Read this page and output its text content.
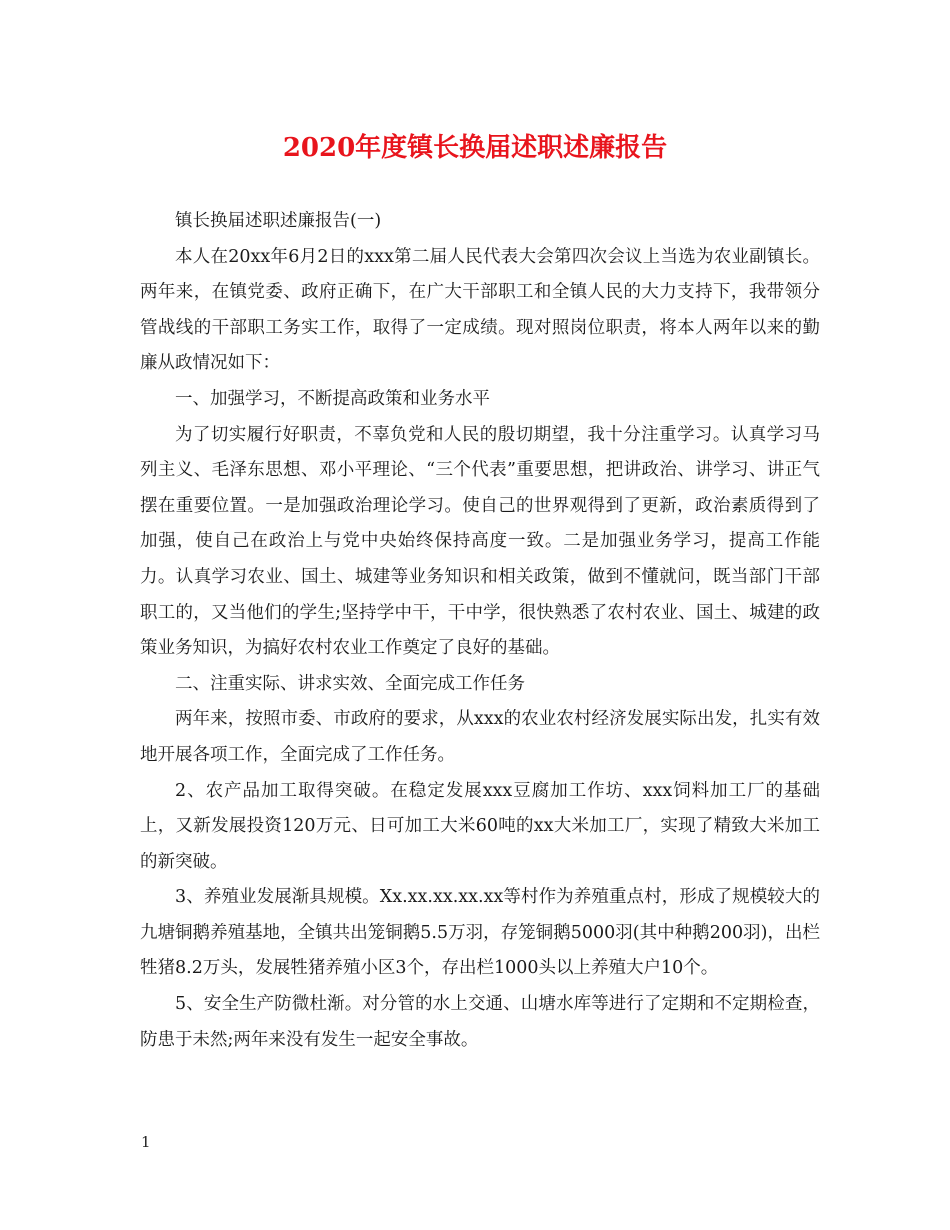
2020年度镇长换届述职述廉报告

镇长换届述职述廉报告(一)

本人在20xx年6月2日的xxx第二届人民代表大会第四次会议上当选为农业副镇长。两年来，在镇党委、政府正确下，在广大干部职工和全镇人民的大力支持下，我带领分管战线的干部职工务实工作，取得了一定成绩。现对照岗位职责，将本人两年以来的勤廉从政情况如下：

一、加强学习，不断提高政策和业务水平

为了切实履行好职责，不辜负党和人民的殷切期望，我十分注重学习。认真学习马列主义、毛泽东思想、邓小平理论、“三个代表”重要思想，把讲政治、讲学习、讲正气摆在重要位置。一是加强政治理论学习。使自己的世界观得到了更新，政治素质得到了加强，使自己在政治上与党中央始终保持高度一致。二是加强业务学习，提高工作能力。认真学习农业、国土、城建等业务知识和相关政策，做到不懂就问，既当部门干部职工的，又当他们的学生;坚持学中干，干中学，很快熟悉了农村农业、国土、城建的政策业务知识，为搞好农村农业工作奠定了良好的基础。

二、注重实际、讲求实效、全面完成工作任务

两年来，按照市委、市政府的要求，从xxx的农业农村经济发展实际出发，扎实有效地开展各项工作，全面完成了工作任务。

2、农产品加工取得突破。在稳定发展xxx豆腐加工作坊、xxx饲料加工厂的基础上，又新发展投资120万元、日可加工大米60吨的xx大米加工厂，实现了精致大米加工的新突破。

3、养殖业发展渐具规模。Xx.xx.xx.xx.xx等村作为养殖重点村，形成了规模较大的九塘铜鹅养殖基地，全镇共出笼铜鹅5.5万羽，存笼铜鹅5000羽(其中种鹅200羽)，出栏牲猪8.2万头，发展牲猪养殖小区3个，存出栏1000头以上养殖大户10个。

5、安全生产防微杜渐。对分管的水上交通、山塘水库等进行了定期和不定期检查，防患于未然;两年来没有发生一起安全事故。

1
